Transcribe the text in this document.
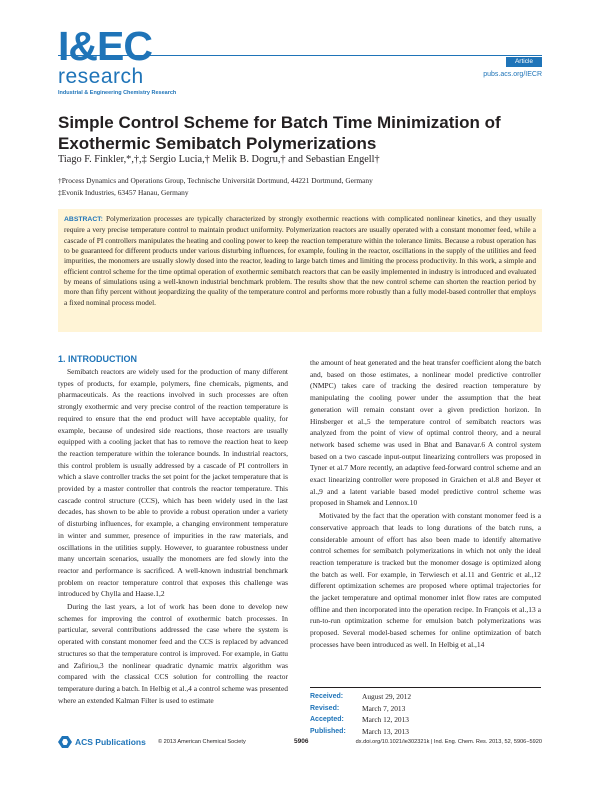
I&EC
research
Industrial & Engineering Chemistry Research
Article
pubs.acs.org/IECR
Simple Control Scheme for Batch Time Minimization of Exothermic Semibatch Polymerizations
Tiago F. Finkler,*,†,‡ Sergio Lucia,† Melik B. Dogru,† and Sebastian Engell†
†Process Dynamics and Operations Group, Technische Universität Dortmund, 44221 Dortmund, Germany
‡Evonik Industries, 63457 Hanau, Germany
ABSTRACT: Polymerization processes are typically characterized by strongly exothermic reactions with complicated nonlinear kinetics, and they usually require a very precise temperature control to maintain product uniformity. Polymerization reactors are usually operated with a constant monomer feed, while a cascade of PI controllers manipulates the heating and cooling power to keep the reaction temperature within the tolerance limits. Because a robust operation has to be guaranteed for different products under various disturbing influences, for example, fouling in the reactor, oscillations in the supply of the utilities and feed impurities, the monomers are usually slowly dosed into the reactor, leading to large batch times and limiting the process productivity. In this work, a simple and efficient control scheme for the time optimal operation of exothermic semibatch reactors that can be easily implemented in industry is introduced and evaluated by means of simulations using a well-known industrial benchmark problem. The results show that the new control scheme can shorten the reaction period by more than fifty percent without jeopardizing the quality of the temperature control and performs more robustly than a fully model-based controller that employs a fixed nominal process model.
1. INTRODUCTION

Semibatch reactors are widely used for the production of many different types of products, for example, polymers, fine chemicals, pigments, and pharmaceuticals. As the reactions involved in such processes are often strongly exothermic and very precise control of the reaction temperature is required to ensure that the end product will have acceptable quality, for example, because of undesired side reactions, those reactors are usually equipped with a cooling jacket that has to remove the reaction heat to keep the reaction temperature within the tolerance bounds. In industrial reactors, this control problem is usually addressed by a cascade of PI controllers in which a slave controller tracks the set point for the jacket temperature that is provided by a master controller that controls the reactor temperature. This cascade control structure (CCS), which has been widely used in the last decades, has shown to be able to provide a robust operation under a variety of disturbing influences, for example, a changing environment temperature in winter and summer, presence of impurities in the raw materials, and oscillations in the utilities supply. However, to guarantee robustness under many uncertain scenarios, usually the monomers are fed slowly into the reactor and performance is sacrificed. A well-known industrial benchmark problem on reactor temperature control that exposes this challenge was introduced by Chylla and Haase.1,2

During the last years, a lot of work has been done to develop new schemes for improving the control of exothermic batch processes. In particular, several contributions addressed the case where the system is operated with constant monomer feed and the CCS is replaced by advanced structures so that the temperature control is improved. For example, in Gattu and Zafiriou,3 the nonlinear quadratic dynamic matrix algorithm was compared with the classical CCS solution for controlling the reactor temperature during a batch. In Helbig et al.,4 a control scheme was presented where an extended Kalman Filter is used to estimate

the amount of heat generated and the heat transfer coefficient along the batch and, based on those estimates, a nonlinear model predictive controller (NMPC) takes care of tracking the desired reaction temperature by manipulating the cooling power under the assumption that the heat generation will remain constant over a given prediction horizon. In Hinsberger et al.,5 the temperature control of semibatch reactors was analyzed from the point of view of optimal control theory, and a neural network based scheme was used in Bhat and Banavar.6 A control system based on a two cascade input-output linearizing controllers was proposed in Tyner et al.7 More recently, an adaptive feed-forward control scheme and an exact linearizing controller were proposed in Graichen et al.8 and Beyer et al.,9 and a latent variable based model predictive control scheme was proposed in Shamek and Lennox.10

Motivated by the fact that the operation with constant monomer feed is a conservative approach that leads to long durations of the batch runs, a considerable amount of effort has also been made to identify alternative control schemes for semibatch polymerizations in which not only the ideal reaction temperature is tracked but the monomer dosage is optimized along the batch as well. For example, in Terwiesch et al.11 and Gentric et al.,12 different optimization schemes are proposed where optimal trajectories for the jacket temperature and optimal monomer inlet flow rates are computed offline and then incorporated into the operation recipe. In François et al.,13 a run-to-run optimization scheme for emulsion batch polymerizations was proposed. Several model-based schemes for online optimization of batch processes have been introduced as well. In Helbig et al.,14

Received:	August 29, 2012
Revised:	March 7, 2013
Accepted:	March 12, 2013
Published:	March 13, 2013
ACS Publications © 2013 American Chemical Society	5906	dx.doi.org/10.1021/ie302321k | Ind. Eng. Chem. Res. 2013, 52, 5906−5920
